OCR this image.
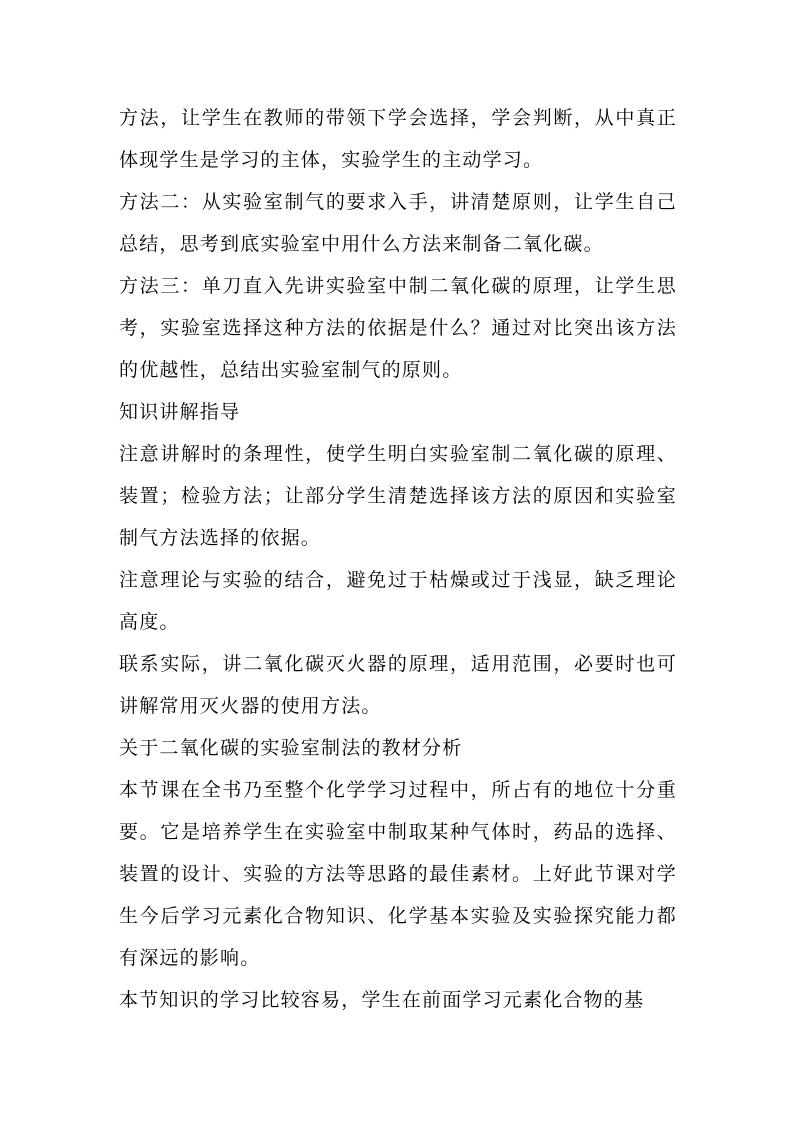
方法，让学生在教师的带领下学会选择，学会判断，从中真正体现学生是学习的主体，实验学生的主动学习。

方法二：从实验室制气的要求入手，讲清楚原则，让学生自己总结，思考到底实验室中用什么方法来制备二氧化碳。

方法三：单刀直入先讲实验室中制二氧化碳的原理，让学生思考，实验室选择这种方法的依据是什么？通过对比突出该方法的优越性，总结出实验室制气的原则。

知识讲解指导

注意讲解时的条理性，使学生明白实验室制二氧化碳的原理、装置；检验方法；让部分学生清楚选择该方法的原因和实验室制气方法选择的依据。

注意理论与实验的结合，避免过于枯燥或过于浅显，缺乏理论高度。

联系实际，讲二氧化碳灭火器的原理，适用范围，必要时也可讲解常用灭火器的使用方法。

关于二氧化碳的实验室制法的教材分析

本节课在全书乃至整个化学学习过程中，所占有的地位十分重要。它是培养学生在实验室中制取某种气体时，药品的选择、装置的设计、实验的方法等思路的最佳素材。上好此节课对学生今后学习元素化合物知识、化学基本实验及实验探究能力都有深远的影响。

本节知识的学习比较容易，学生在前面学习元素化合物的基
